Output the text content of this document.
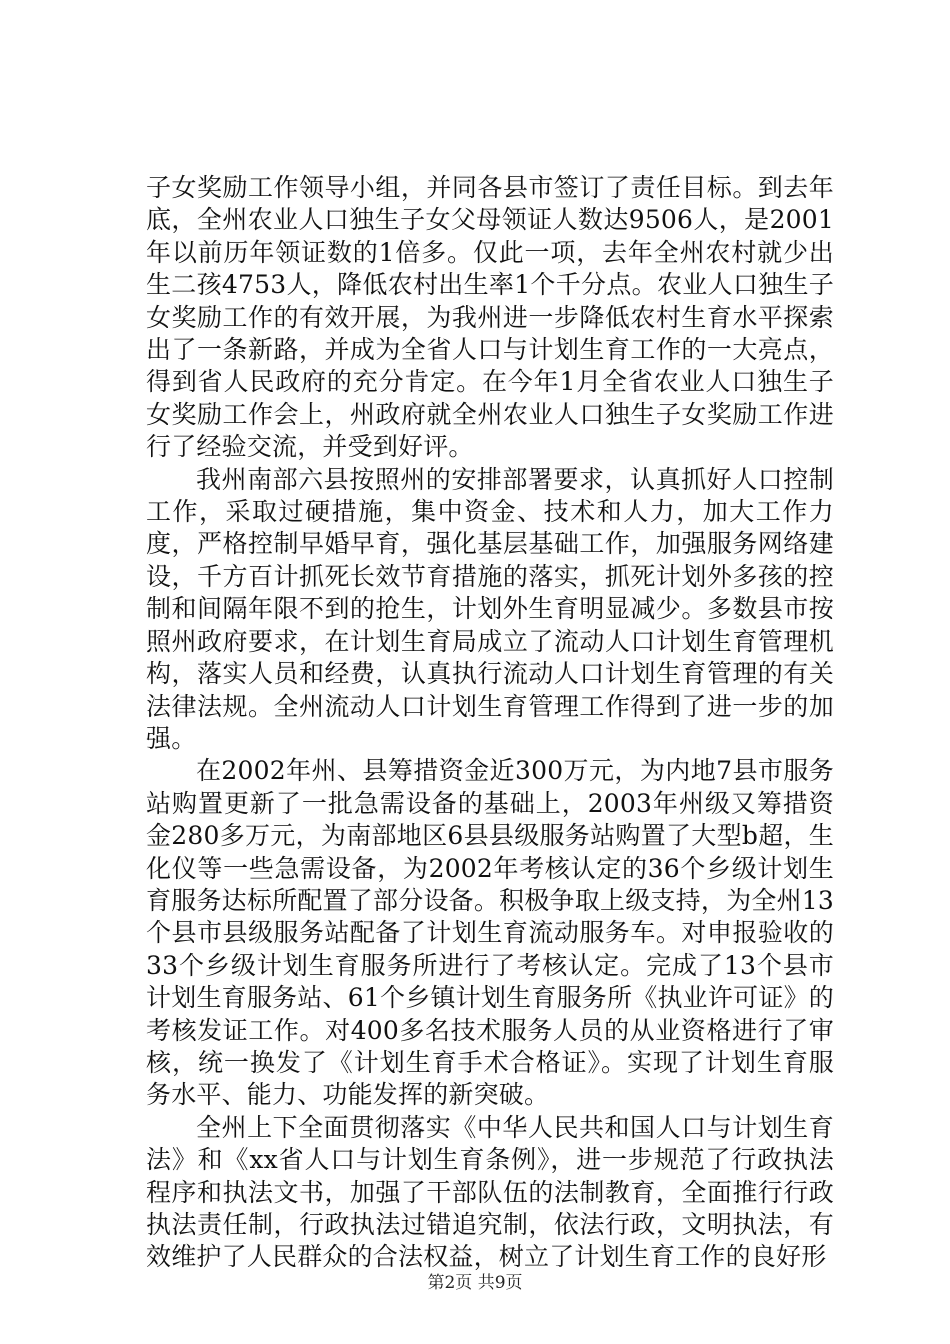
子女奖励工作领导小组，并同各县市签订了责任目标。到去年底，全州农业人口独生子女父母领证人数达9506人，是2001年以前历年领证数的1倍多。仅此一项，去年全州农村就少出生二孩4753人，降低农村出生率1个千分点。农业人口独生子女奖励工作的有效开展，为我州进一步降低农村生育水平探索出了一条新路，并成为全省人口与计划生育工作的一大亮点，得到省人民政府的充分肯定。在今年1月全省农业人口独生子女奖励工作会上，州政府就全州农业人口独生子女奖励工作进行了经验交流，并受到好评。

我州南部六县按照州的安排部署要求，认真抓好人口控制工作，采取过硬措施，集中资金、技术和人力，加大工作力度，严格控制早婚早育，强化基层基础工作，加强服务网络建设，千方百计抓死长效节育措施的落实，抓死计划外多孩的控制和间隔年限不到的抢生，计划外生育明显减少。多数县市按照州政府要求，在计划生育局成立了流动人口计划生育管理机构，落实人员和经费，认真执行流动人口计划生育管理的有关法律法规。全州流动人口计划生育管理工作得到了进一步的加强。

在2002年州、县筹措资金近300万元，为内地7县市服务站购置更新了一批急需设备的基础上，2003年州级又筹措资金280多万元，为南部地区6县县级服务站购置了大型b超，生化仪等一些急需设备，为2002年考核认定的36个乡级计划生育服务达标所配置了部分设备。积极争取上级支持，为全州13个县市县级服务站配备了计划生育流动服务车。对申报验收的33个乡级计划生育服务所进行了考核认定。完成了13个县市计划生育服务站、61个乡镇计划生育服务所《执业许可证》的考核发证工作。对400多名技术服务人员的从业资格进行了审核，统一换发了《计划生育手术合格证》。实现了计划生育服务水平、能力、功能发挥的新突破。

全州上下全面贯彻落实《中华人民共和国人口与计划生育法》和《xx省人口与计划生育条例》，进一步规范了行政执法程序和执法文书，加强了干部队伍的法制教育，全面推行行政执法责任制，行政执法过错追究制，依法行政，文明执法，有效维护了人民群众的合法权益，树立了计划生育工作的良好形

第2页 共9页
